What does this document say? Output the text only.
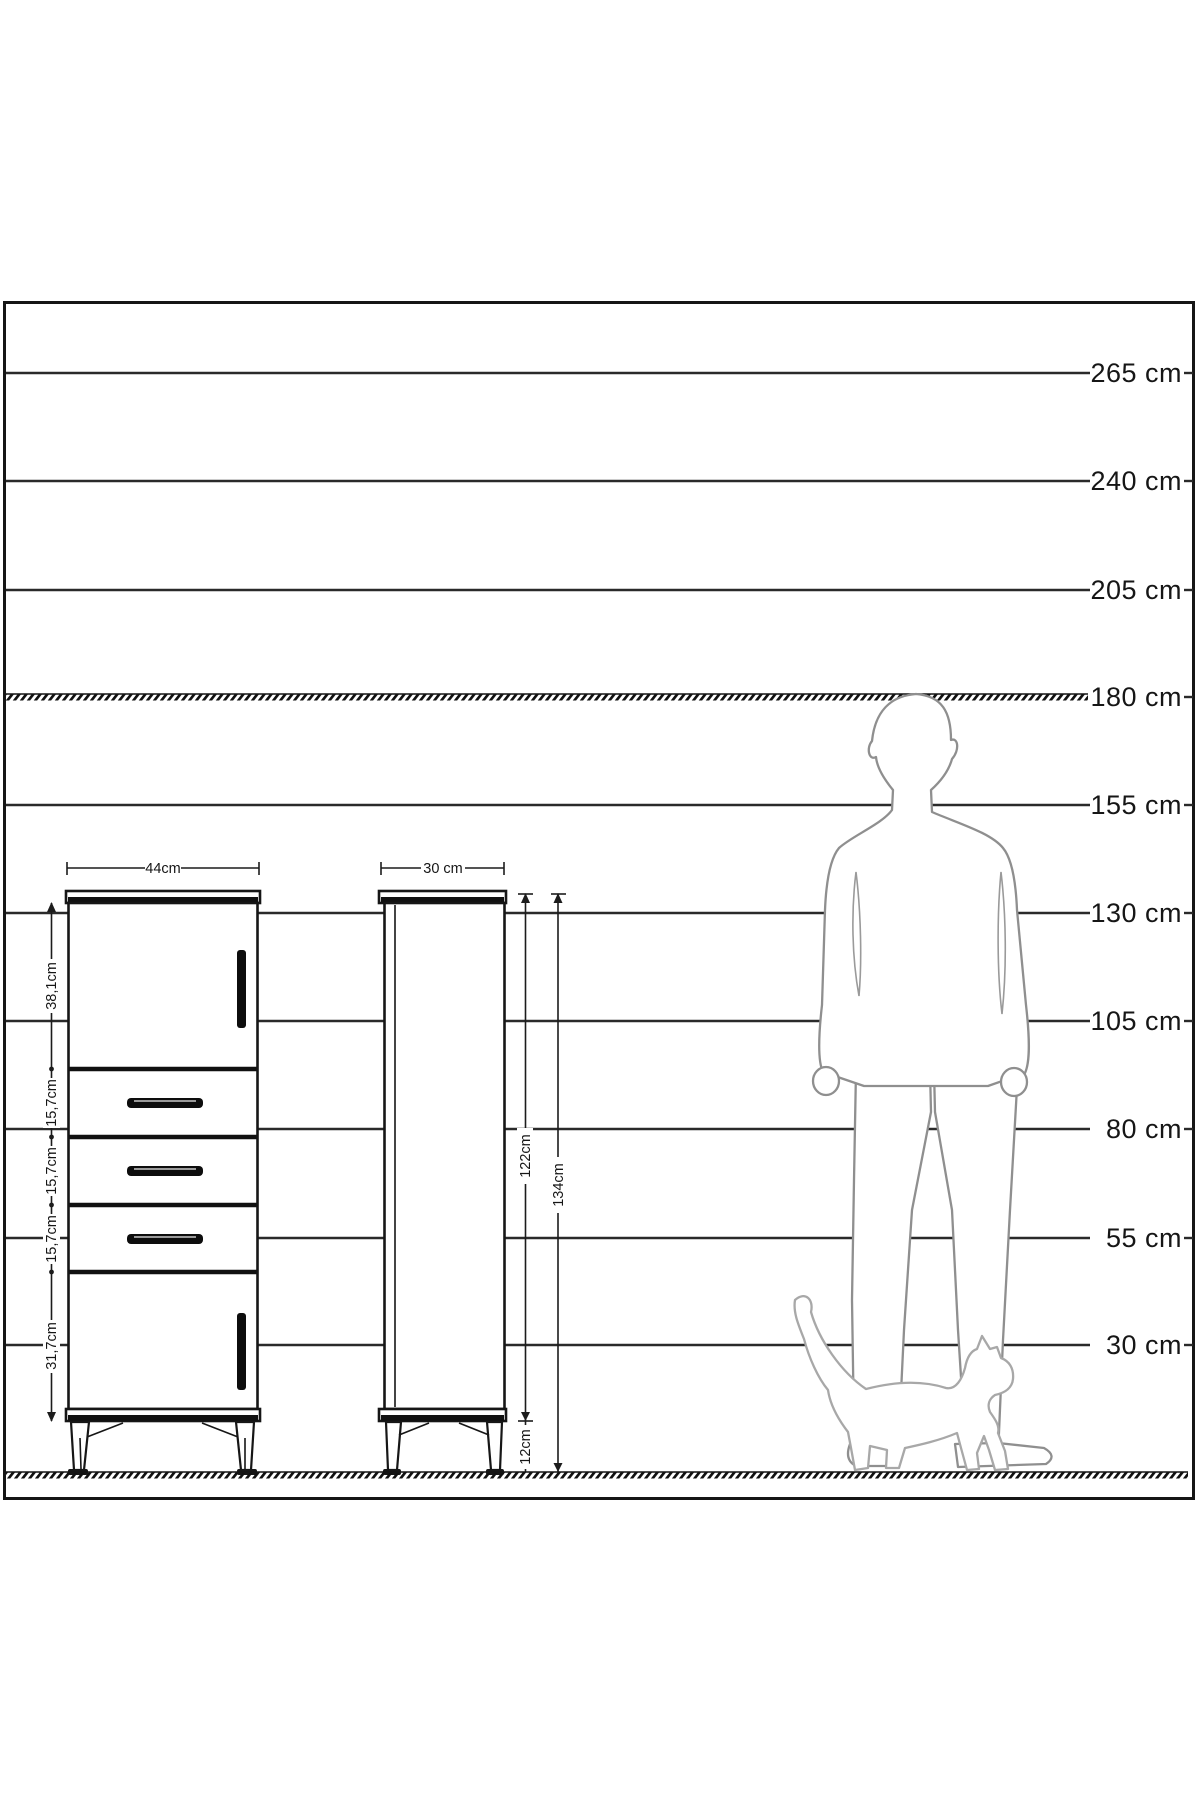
265 cm
240 cm
205 cm
180 cm
155 cm
130 cm
105 cm
80 cm
55 cm
30 cm
44cm
38,1cm
15,7cm
15,7cm
15,7cm
31,7cm
30 cm
122cm
12cm
134cm
